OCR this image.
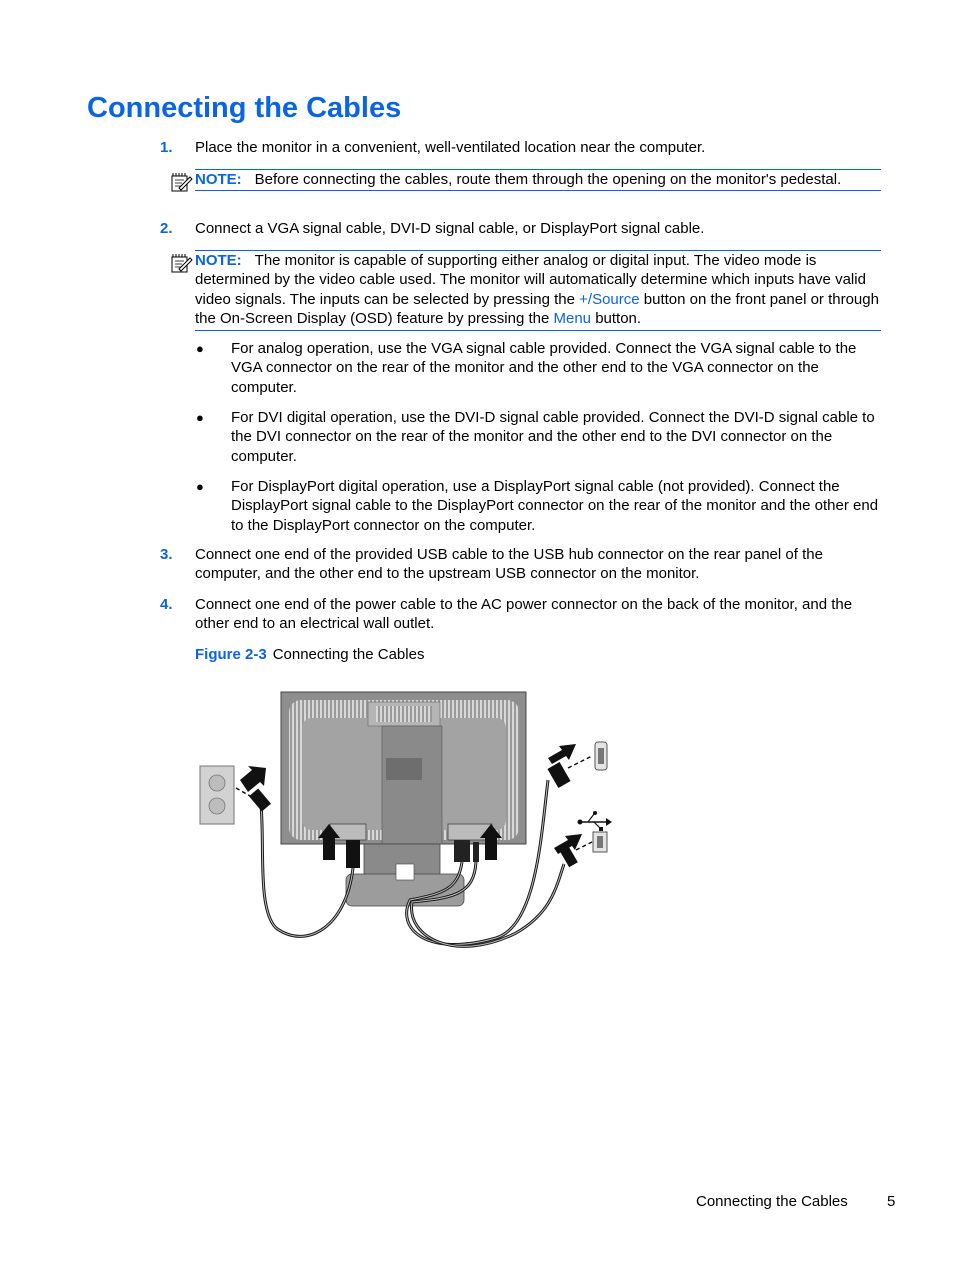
Connecting the Cables
1. Place the monitor in a convenient, well-ventilated location near the computer.
NOTE: Before connecting the cables, route them through the opening on the monitor's pedestal.
2. Connect a VGA signal cable, DVI-D signal cable, or DisplayPort signal cable.
NOTE: The monitor is capable of supporting either analog or digital input. The video mode is determined by the video cable used. The monitor will automatically determine which inputs have valid video signals. The inputs can be selected by pressing the +/Source button on the front panel or through the On-Screen Display (OSD) feature by pressing the Menu button.
● For analog operation, use the VGA signal cable provided. Connect the VGA signal cable to the VGA connector on the rear of the monitor and the other end to the VGA connector on the computer.
● For DVI digital operation, use the DVI-D signal cable provided. Connect the DVI-D signal cable to the DVI connector on the rear of the monitor and the other end to the DVI connector on the computer.
● For DisplayPort digital operation, use a DisplayPort signal cable (not provided). Connect the DisplayPort signal cable to the DisplayPort connector on the rear of the monitor and the other end to the DisplayPort connector on the computer.
3. Connect one end of the provided USB cable to the USB hub connector on the rear panel of the computer, and the other end to the upstream USB connector on the monitor.
4. Connect one end of the power cable to the AC power connector on the back of the monitor, and the other end to an electrical wall outlet.
Figure 2-3 Connecting the Cables
Connecting the Cables	5
